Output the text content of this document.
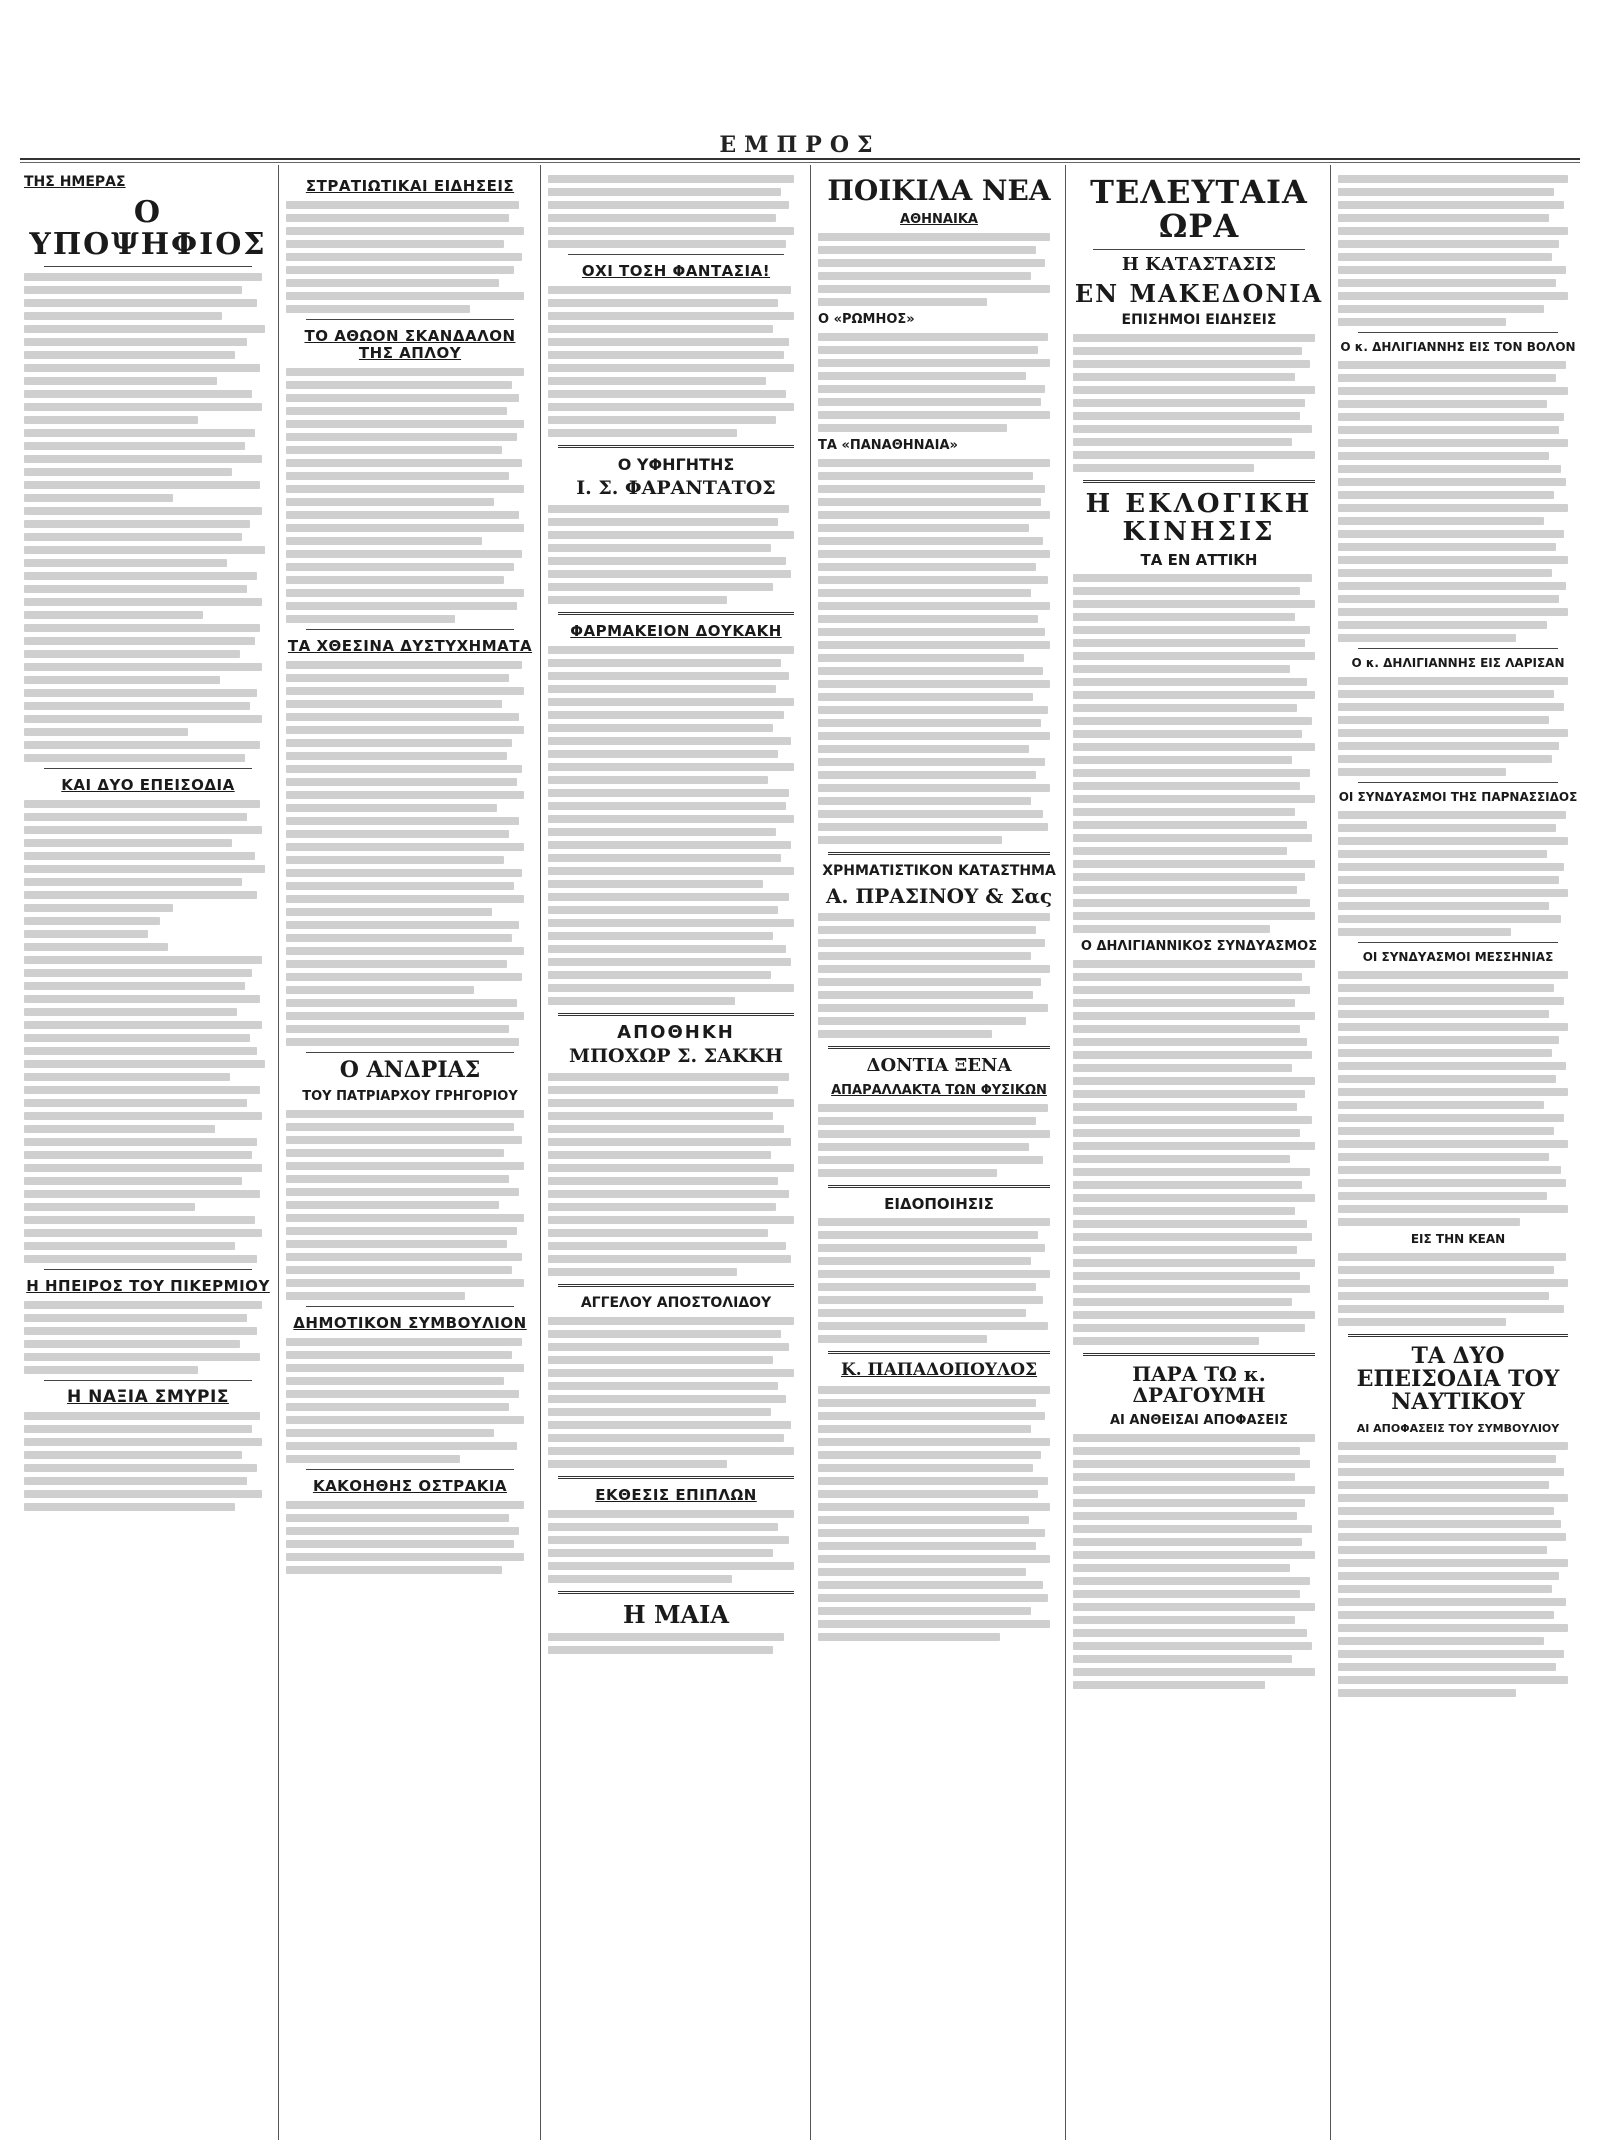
ΕΜΠΡΟΣ
ΤΗΣ ΗΜΕΡΑΣ
Ο ΥΠΟΨΗΦΙΟΣ
ΚΑΙ ΔΥΟ ΕΠΕΙΣΟΔΙΑ
Η ΗΠΕΙΡΟΣ ΤΟΥ ΠΙΚΕΡΜΙΟΥ
Η ΝΑΞΙΑ ΣΜΥΡΙΣ
ΣΤΡΑΤΙΩΤΙΚΑΙ ΕΙΔΗΣΕΙΣ
ΤΟ ΑΘΩΟΝ ΣΚΑΝΔΑΛΟΝ ΤΗΣ ΑΠΛΟΥ
ΤΑ ΧΘΕΣΙΝΑ ΔΥΣΤΥΧΗΜΑΤΑ
Ο ΑΝΔΡΙΑΣ
ΤΟΥ ΠΑΤΡΙΑΡΧΟΥ ΓΡΗΓΟΡΙΟΥ
ΔΗΜΟΤΙΚΟΝ ΣΥΜΒΟΥΛΙΟΝ
ΚΑΚΟΗΘΗΣ ΟΣΤΡΑΚΙΑ
ΟΧΙ ΤΟΣΗ ΦΑΝΤΑΣΙΑ!
Ο ΥΦΗΓΗΤΗΣ
Ι. Σ. ΦΑΡΑΝΤΑΤΟΣ
ΦΑΡΜΑΚΕΙΟΝ ΔΟΥΚΑΚΗ
ΑΠΟΘΗΚΗ
ΜΠΟΧΩΡ Σ. ΣΑΚΚΗ
ΑΓΓΕΛΟΥ ΑΠΟΣΤΟΛΙΔΟΥ
ΕΚΘΕΣΙΣ ΕΠΙΠΛΩΝ
Η ΜΑΙΑ
ΠΟΙΚΙΛΑ ΝΕΑ
ΑΘΗΝΑΙΚΑ
Ο «ΡΩΜΗΟΣ»
ΤΑ «ΠΑΝΑΘΗΝΑΙΑ»
ΧΡΗΜΑΤΙΣΤΙΚΟΝ ΚΑΤΑΣΤΗΜΑ
Α. ΠΡΑΣΙΝΟΥ & Σας
ΔΟΝΤΙΑ ΞΕΝΑ
ΑΠΑΡΑΛΛΑΚΤΑ ΤΩΝ ΦΥΣΙΚΩΝ
ΕΙΔΟΠΟΙΗΣΙΣ
Κ. ΠΑΠΑΔΟΠΟΥΛΟΣ
ΤΕΛΕΥΤΑΙΑ ΩΡΑ
Η ΚΑΤΑΣΤΑΣΙΣ
ΕΝ ΜΑΚΕΔΟΝΙΑ
ΕΠΙΣΗΜΟΙ ΕΙΔΗΣΕΙΣ
Η ΕΚΛΟΓΙΚΗ ΚΙΝΗΣΙΣ
ΤΑ ΕΝ ΑΤΤΙΚΗ
Ο ΔΗΛΙΓΙΑΝΝΙΚΟΣ ΣΥΝΔΥΑΣΜΟΣ
ΠΑΡΑ ΤΩ κ. ΔΡΑΓΟΥΜΗ
ΑΙ ΑΝΘΕΙΣΑΙ ΑΠΟΦΑΣΕΙΣ
Ο κ. ΔΗΛΙΓΙΑΝΝΗΣ ΕΙΣ ΤΟΝ ΒΟΛΟΝ
Ο κ. ΔΗΛΙΓΙΑΝΝΗΣ ΕΙΣ ΛΑΡΙΣΑΝ
ΟΙ ΣΥΝΔΥΑΣΜΟΙ ΤΗΣ ΠΑΡΝΑΣΣΙΔΟΣ
ΟΙ ΣΥΝΔΥΑΣΜΟΙ ΜΕΣΣΗΝΙΑΣ
ΕΙΣ ΤΗΝ ΚΕΑΝ
ΤΑ ΔΥΟ ΕΠΕΙΣΟΔΙΑ ΤΟΥ ΝΑΥΤΙΚΟΥ
ΑΙ ΑΠΟΦΑΣΕΙΣ ΤΟΥ ΣΥΜΒΟΥΛΙΟΥ
